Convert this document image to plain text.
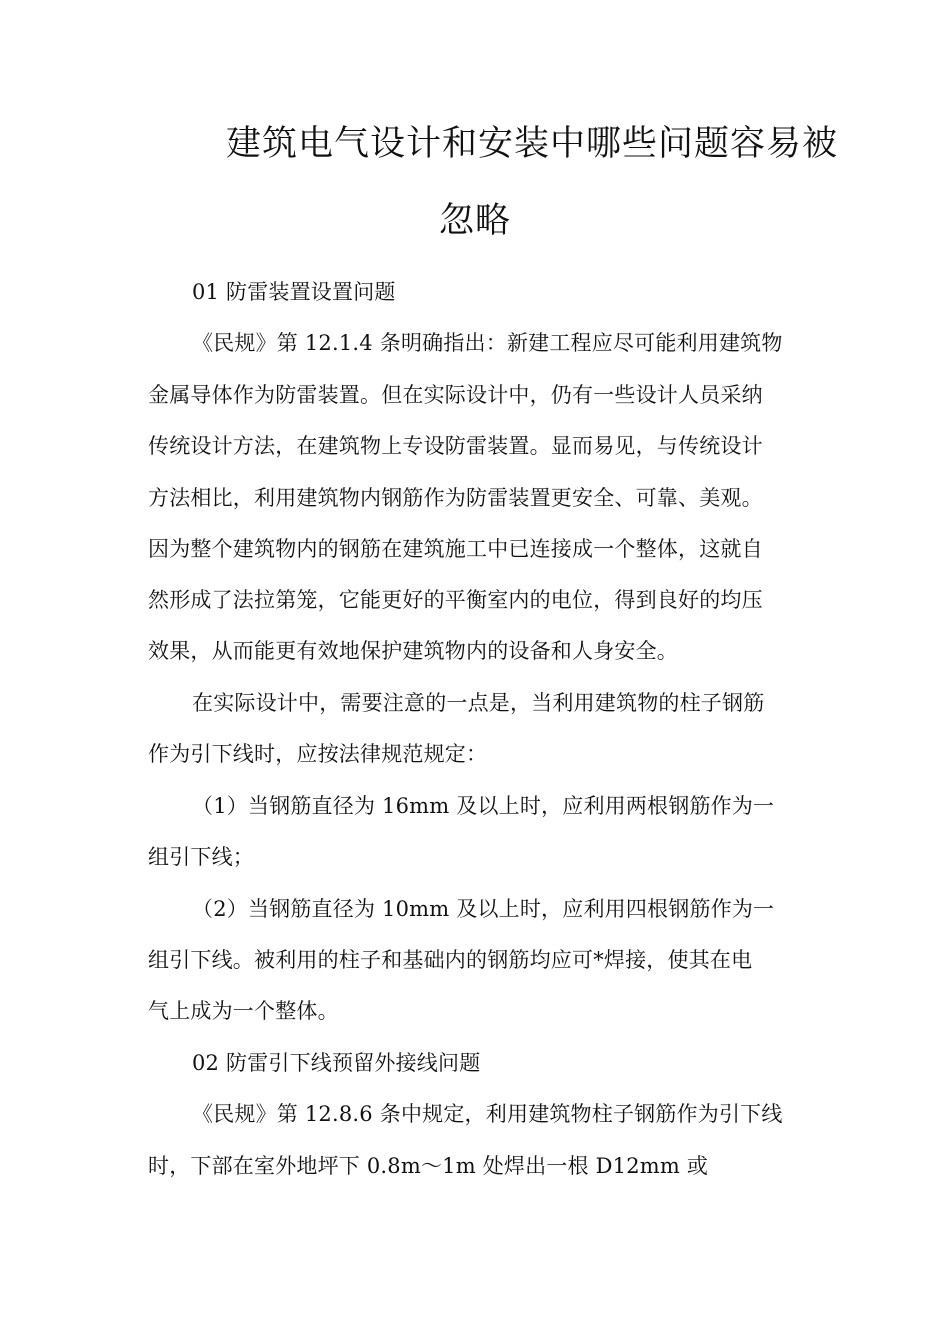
建筑电气设计和安装中哪些问题容易被
忽略
01 防雷装置设置问题
《民规》第 12.1.4 条明确指出：新建工程应尽可能利用建筑物
金属导体作为防雷装置。但在实际设计中，仍有一些设计人员采纳
传统设计方法，在建筑物上专设防雷装置。显而易见，与传统设计
方法相比，利用建筑物内钢筋作为防雷装置更安全、可靠、美观。
因为整个建筑物内的钢筋在建筑施工中已连接成一个整体，这就自
然形成了法拉第笼，它能更好的平衡室内的电位，得到良好的均压
效果，从而能更有效地保护建筑物内的设备和人身安全。
在实际设计中，需要注意的一点是，当利用建筑物的柱子钢筋
作为引下线时，应按法律规范规定：
（1）当钢筋直径为 16mm 及以上时，应利用两根钢筋作为一
组引下线；
（2）当钢筋直径为 10mm 及以上时，应利用四根钢筋作为一
组引下线。被利用的柱子和基础内的钢筋均应可*焊接，使其在电
气上成为一个整体。
02 防雷引下线预留外接线问题
《民规》第 12.8.6 条中规定，利用建筑物柱子钢筋作为引下线
时，下部在室外地坪下 0.8m～1m 处焊出一根 D12mm 或
